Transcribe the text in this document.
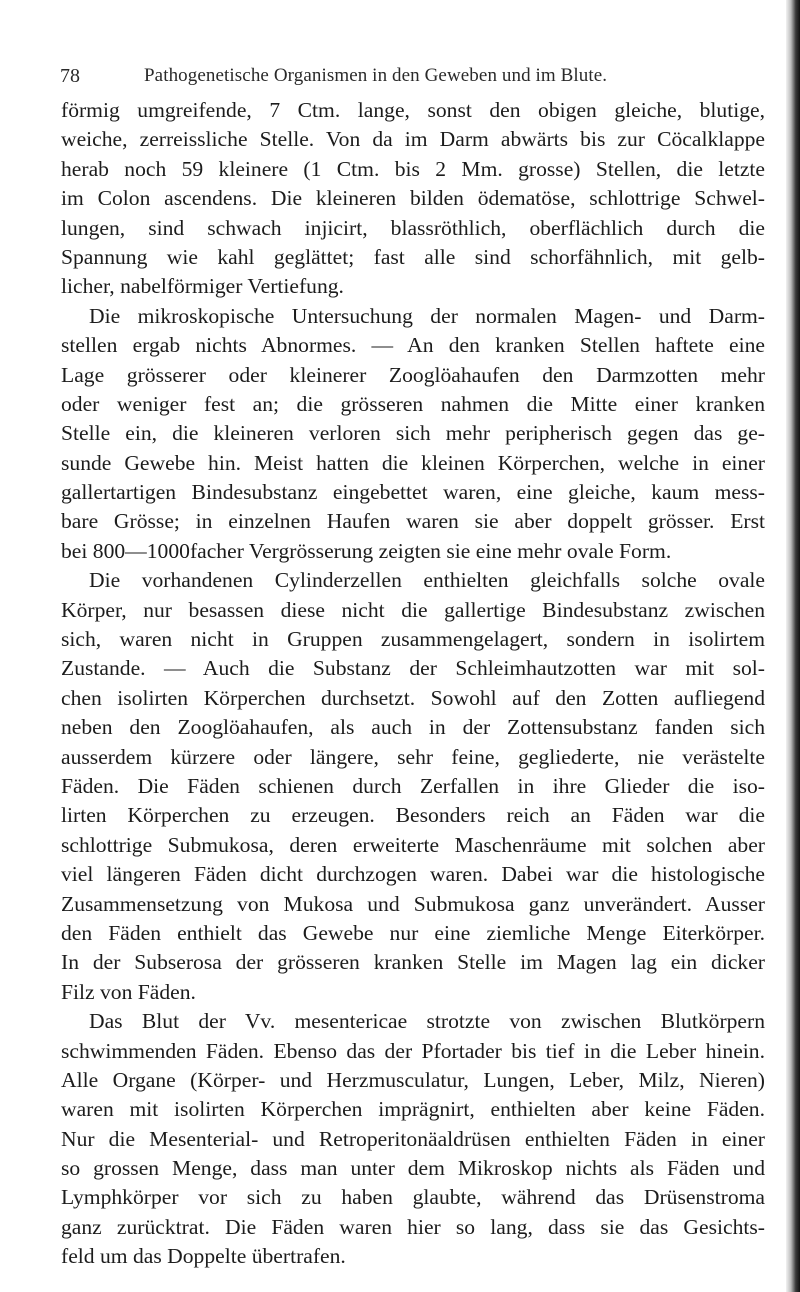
78	Pathogenetische Organismen in den Geweben und im Blute.
förmig umgreifende, 7 Ctm. lange, sonst den obigen gleiche, blutige,
weiche, zerreissliche Stelle. Von da im Darm abwärts bis zur Cöcalklappe
herab noch 59 kleinere (1 Ctm. bis 2 Mm. grosse) Stellen, die letzte
im Colon ascendens. Die kleineren bilden ödematöse, schlottrige Schwel-
lungen, sind schwach injicirt, blassröthlich, oberflächlich durch die
Spannung wie kahl geglättet; fast alle sind schorfähnlich, mit gelb-
licher, nabelförmiger Vertiefung.
Die mikroskopische Untersuchung der normalen Magen- und Darm-
stellen ergab nichts Abnormes. — An den kranken Stellen haftete eine
Lage grösserer oder kleinerer Zooglöahaufen den Darmzotten mehr
oder weniger fest an; die grösseren nahmen die Mitte einer kranken
Stelle ein, die kleineren verloren sich mehr peripherisch gegen das ge-
sunde Gewebe hin. Meist hatten die kleinen Körperchen, welche in einer
gallertartigen Bindesubstanz eingebettet waren, eine gleiche, kaum mess-
bare Grösse; in einzelnen Haufen waren sie aber doppelt grösser. Erst
bei 800—1000facher Vergrösserung zeigten sie eine mehr ovale Form.
Die vorhandenen Cylinderzellen enthielten gleichfalls solche ovale
Körper, nur besassen diese nicht die gallertige Bindesubstanz zwischen
sich, waren nicht in Gruppen zusammengelagert, sondern in isolirtem
Zustande. — Auch die Substanz der Schleimhautzotten war mit sol-
chen isolirten Körperchen durchsetzt. Sowohl auf den Zotten aufliegend
neben den Zooglöahaufen, als auch in der Zottensubstanz fanden sich
ausserdem kürzere oder längere, sehr feine, gegliederte, nie verästelte
Fäden. Die Fäden schienen durch Zerfallen in ihre Glieder die iso-
lirten Körperchen zu erzeugen. Besonders reich an Fäden war die
schlottrige Submukosa, deren erweiterte Maschenräume mit solchen aber
viel längeren Fäden dicht durchzogen waren. Dabei war die histologische
Zusammensetzung von Mukosa und Submukosa ganz unverändert. Ausser
den Fäden enthielt das Gewebe nur eine ziemliche Menge Eiterkörper.
In der Subserosa der grösseren kranken Stelle im Magen lag ein dicker
Filz von Fäden.
Das Blut der Vv. mesentericae strotzte von zwischen Blutkörpern
schwimmenden Fäden. Ebenso das der Pfortader bis tief in die Leber hinein.
Alle Organe (Körper- und Herzmusculatur, Lungen, Leber, Milz, Nieren)
waren mit isolirten Körperchen imprägnirt, enthielten aber keine Fäden.
Nur die Mesenterial- und Retroperitonäaldrüsen enthielten Fäden in einer
so grossen Menge, dass man unter dem Mikroskop nichts als Fäden und
Lymphkörper vor sich zu haben glaubte, während das Drüsenstroma
ganz zurücktrat. Die Fäden waren hier so lang, dass sie das Gesichts-
feld um das Doppelte übertrafen.
